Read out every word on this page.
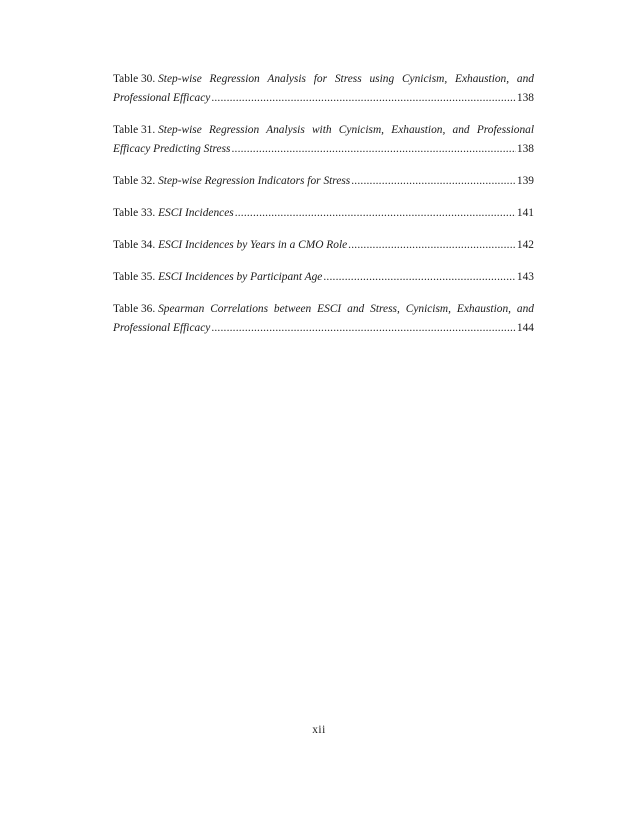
Table 30.
Step-wise Regression Analysis for Stress using Cynicism, Exhaustion, and
Professional Efficacy .....	138
Table 31.
Step-wise Regression Analysis with Cynicism, Exhaustion, and Professional
Efficacy Predicting Stress .....	138
Table 32.
Step-wise Regression Indicators for Stress .....	139
Table 33.
ESCI Incidences .....	141
Table 34.
ESCI Incidences by Years in a CMO Role .....	142
Table 35.
ESCI Incidences by Participant Age .....	143
Table 36.
Spearman Correlations between ESCI and Stress, Cynicism, Exhaustion, and
Professional Efficacy .....	144
xii
